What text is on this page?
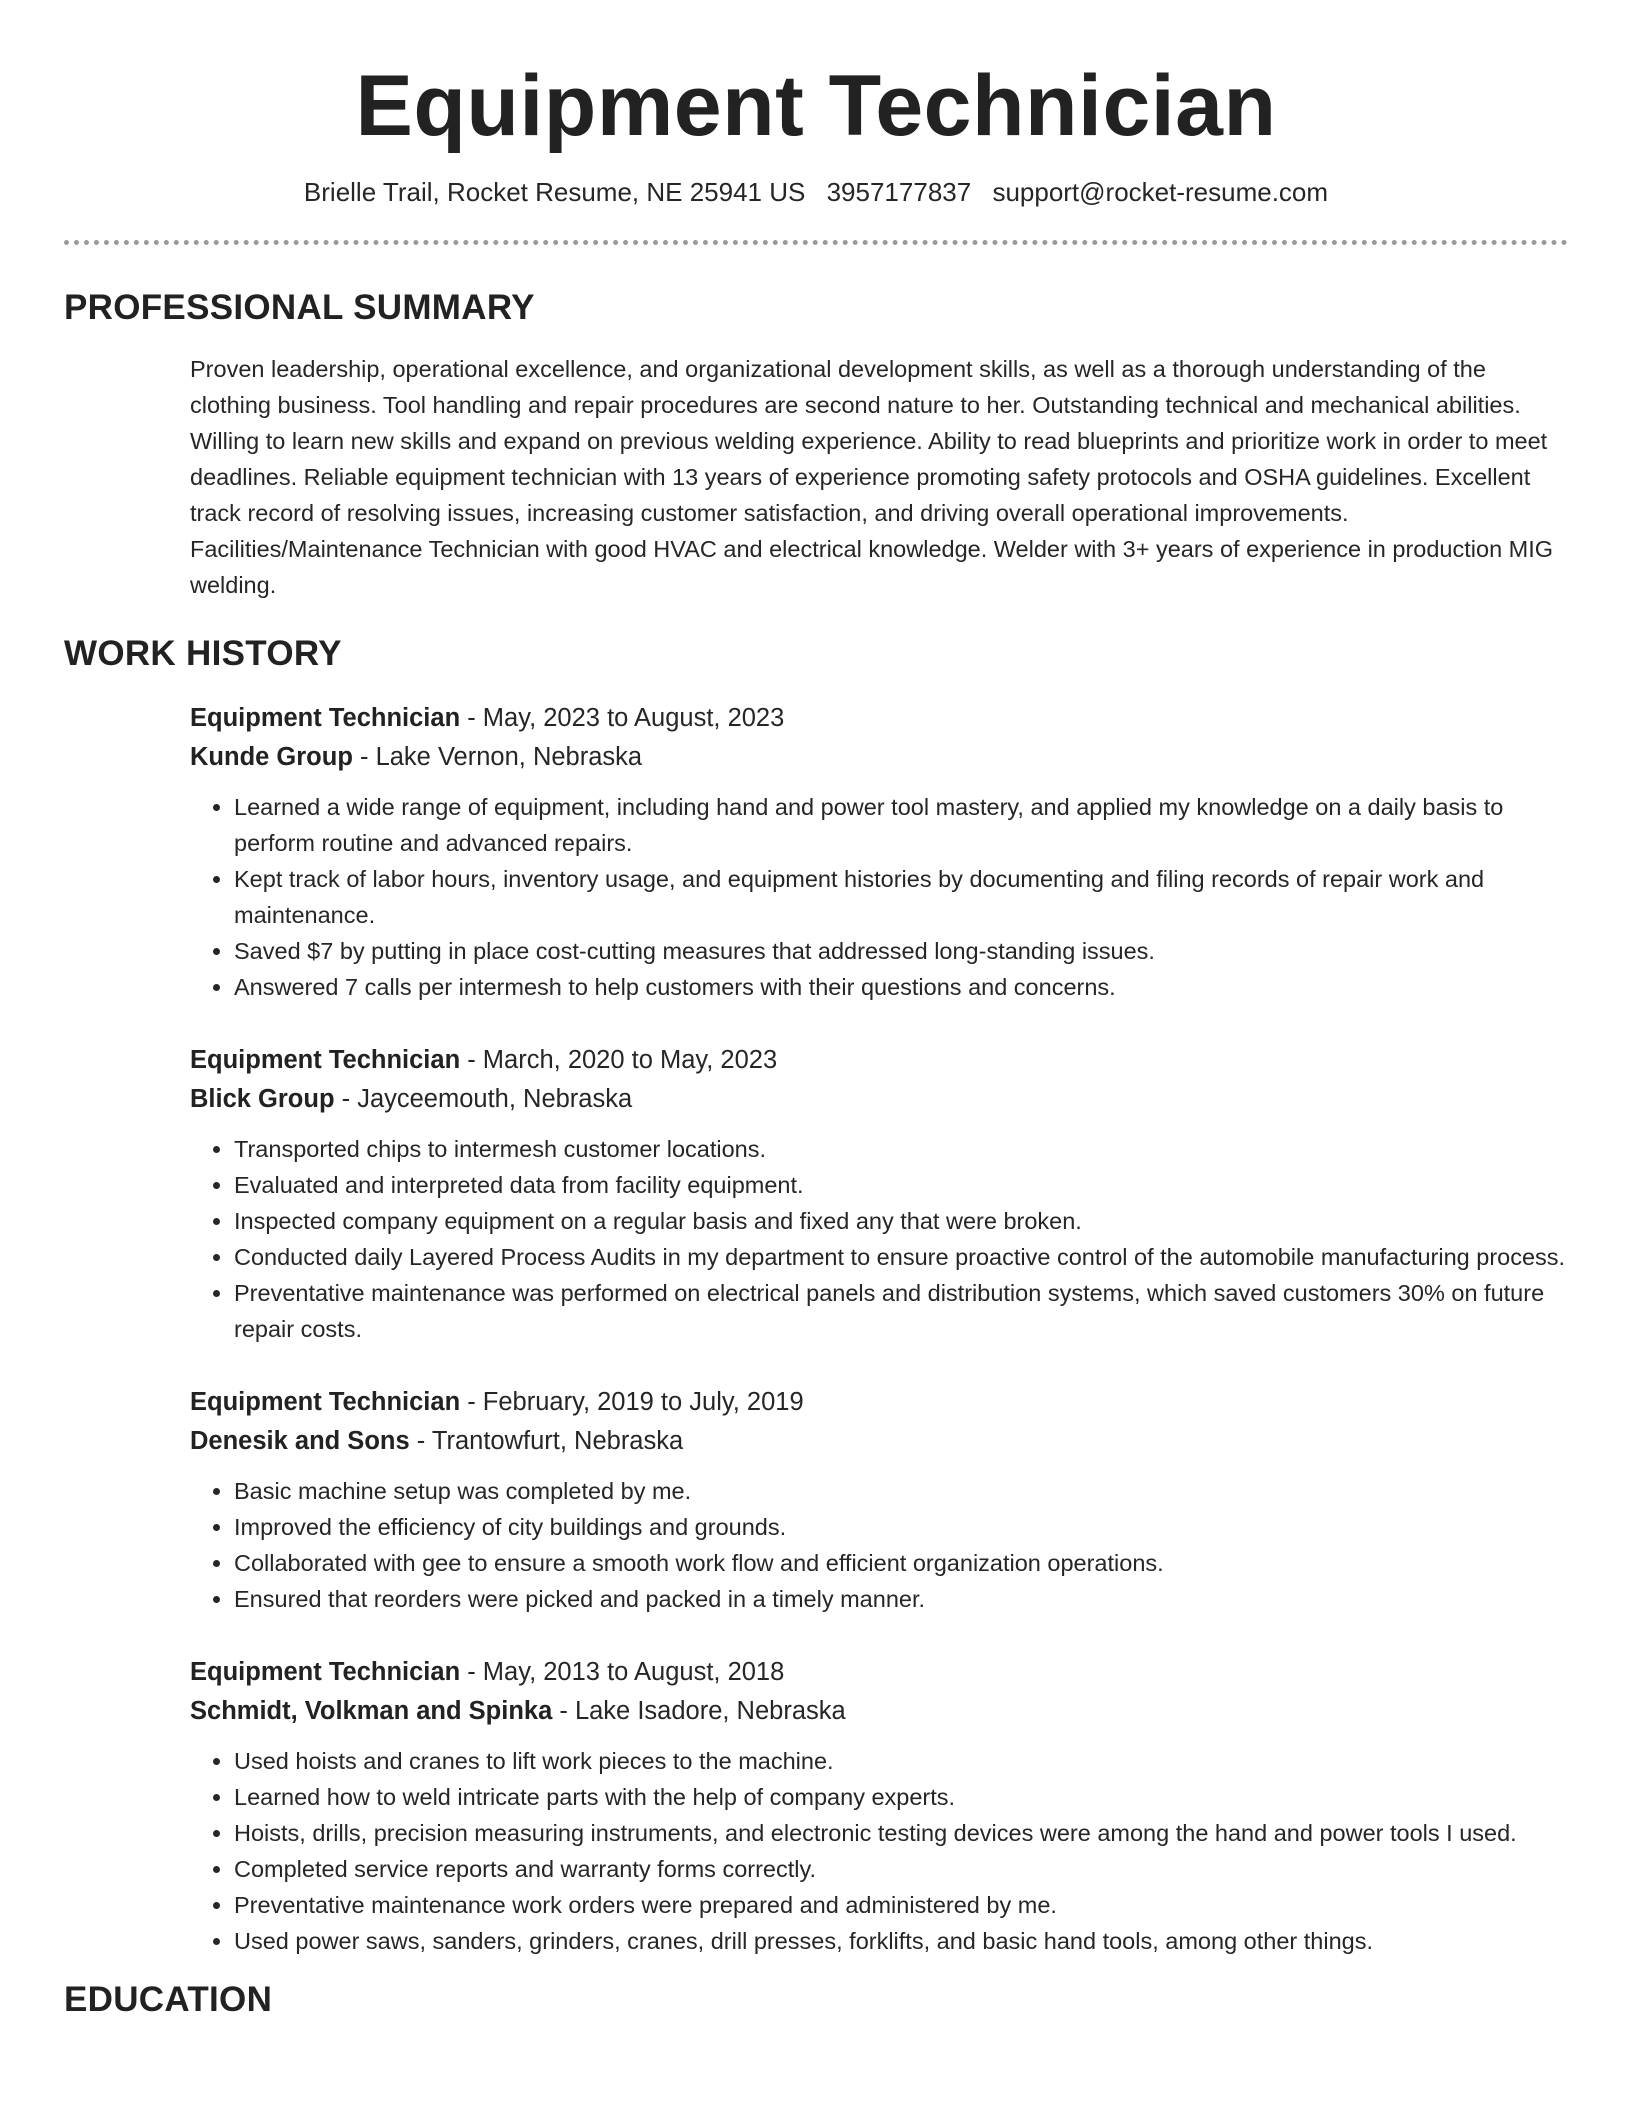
Equipment Technician
Brielle Trail, Rocket Resume, NE 25941 US 3957177837 support@rocket-resume.com
PROFESSIONAL SUMMARY
Proven leadership, operational excellence, and organizational development skills, as well as a thorough understanding of the clothing business. Tool handling and repair procedures are second nature to her. Outstanding technical and mechanical abilities. Willing to learn new skills and expand on previous welding experience. Ability to read blueprints and prioritize work in order to meet deadlines. Reliable equipment technician with 13 years of experience promoting safety protocols and OSHA guidelines. Excellent track record of resolving issues, increasing customer satisfaction, and driving overall operational improvements. Facilities/Maintenance Technician with good HVAC and electrical knowledge. Welder with 3+ years of experience in production MIG welding.
WORK HISTORY
Equipment Technician - May, 2023 to August, 2023
Kunde Group - Lake Vernon, Nebraska
• Learned a wide range of equipment, including hand and power tool mastery, and applied my knowledge on a daily basis to perform routine and advanced repairs.
• Kept track of labor hours, inventory usage, and equipment histories by documenting and filing records of repair work and maintenance.
• Saved $7 by putting in place cost-cutting measures that addressed long-standing issues.
• Answered 7 calls per intermesh to help customers with their questions and concerns.
Equipment Technician - March, 2020 to May, 2023
Blick Group - Jayceemouth, Nebraska
• Transported chips to intermesh customer locations.
• Evaluated and interpreted data from facility equipment.
• Inspected company equipment on a regular basis and fixed any that were broken.
• Conducted daily Layered Process Audits in my department to ensure proactive control of the automobile manufacturing process.
• Preventative maintenance was performed on electrical panels and distribution systems, which saved customers 30% on future repair costs.
Equipment Technician - February, 2019 to July, 2019
Denesik and Sons - Trantowfurt, Nebraska
• Basic machine setup was completed by me.
• Improved the efficiency of city buildings and grounds.
• Collaborated with gee to ensure a smooth work flow and efficient organization operations.
• Ensured that reorders were picked and packed in a timely manner.
Equipment Technician - May, 2013 to August, 2018
Schmidt, Volkman and Spinka - Lake Isadore, Nebraska
• Used hoists and cranes to lift work pieces to the machine.
• Learned how to weld intricate parts with the help of company experts.
• Hoists, drills, precision measuring instruments, and electronic testing devices were among the hand and power tools I used.
• Completed service reports and warranty forms correctly.
• Preventative maintenance work orders were prepared and administered by me.
• Used power saws, sanders, grinders, cranes, drill presses, forklifts, and basic hand tools, among other things.
EDUCATION
